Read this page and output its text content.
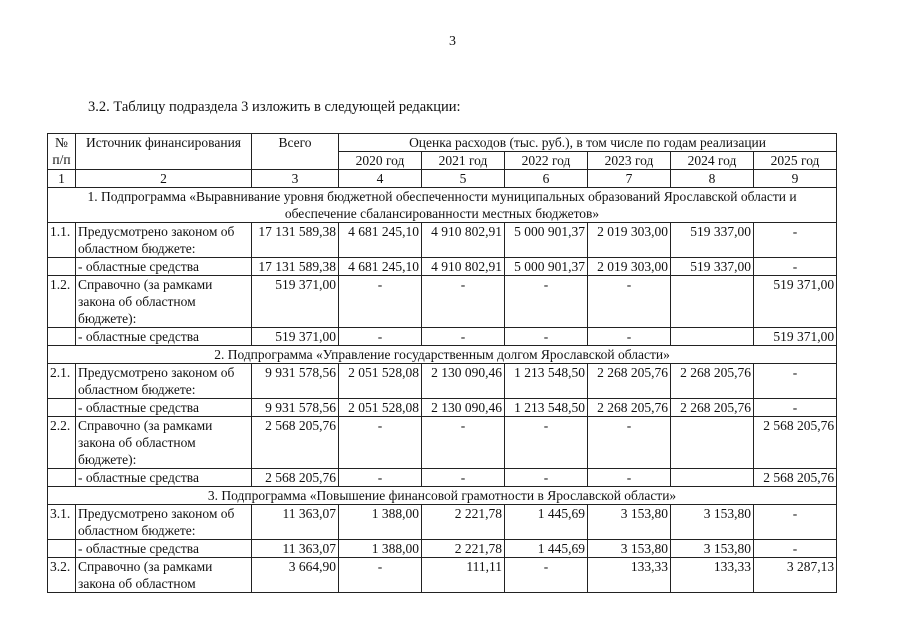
3
3.2. Таблицу подраздела 3 изложить в следующей редакции:
№ п/п	Источник финансирования	Всего	Оценка расходов (тыс. руб.), в том числе по годам реализации					
			2020 год	2021 год	2022 год	2023 год	2024 год	2025 год
1	2	3	4	5	6	7	8	9
1. Подпрограмма «Выравнивание уровня бюджетной обеспеченности муниципальных образований Ярославской области и обеспечение сбалансированности местных бюджетов»								
1.1.	Предусмотрено законом об областном бюджете:	17 131 589,38	4 681 245,10	4 910 802,91	5 000 901,37	2 019 303,00	519 337,00	-
	- областные средства	17 131 589,38	4 681 245,10	4 910 802,91	5 000 901,37	2 019 303,00	519 337,00	-
1.2.	Справочно (за рамками закона об областном бюджете):	519 371,00	-	-	-	-		519 371,00
	- областные средства	519 371,00	-	-	-	-		519 371,00
2. Подпрограмма «Управление государственным долгом Ярославской области»								
2.1.	Предусмотрено законом об областном бюджете:	9 931 578,56	2 051 528,08	2 130 090,46	1 213 548,50	2 268 205,76	2 268 205,76	-
	- областные средства	9 931 578,56	2 051 528,08	2 130 090,46	1 213 548,50	2 268 205,76	2 268 205,76	-
2.2.	Справочно (за рамками закона об областном бюджете):	2 568 205,76	-	-	-	-		2 568 205,76
	- областные средства	2 568 205,76	-	-	-	-		2 568 205,76
3. Подпрограмма «Повышение финансовой грамотности в Ярославской области»								
3.1.	Предусмотрено законом об областном бюджете:	11 363,07	1 388,00	2 221,78	1 445,69	3 153,80	3 153,80	-
	- областные средства	11 363,07	1 388,00	2 221,78	1 445,69	3 153,80	3 153,80	-
3.2.	Справочно (за рамками закона об областном	3 664,90	-	111,11	-	133,33	133,33	3 287,13
